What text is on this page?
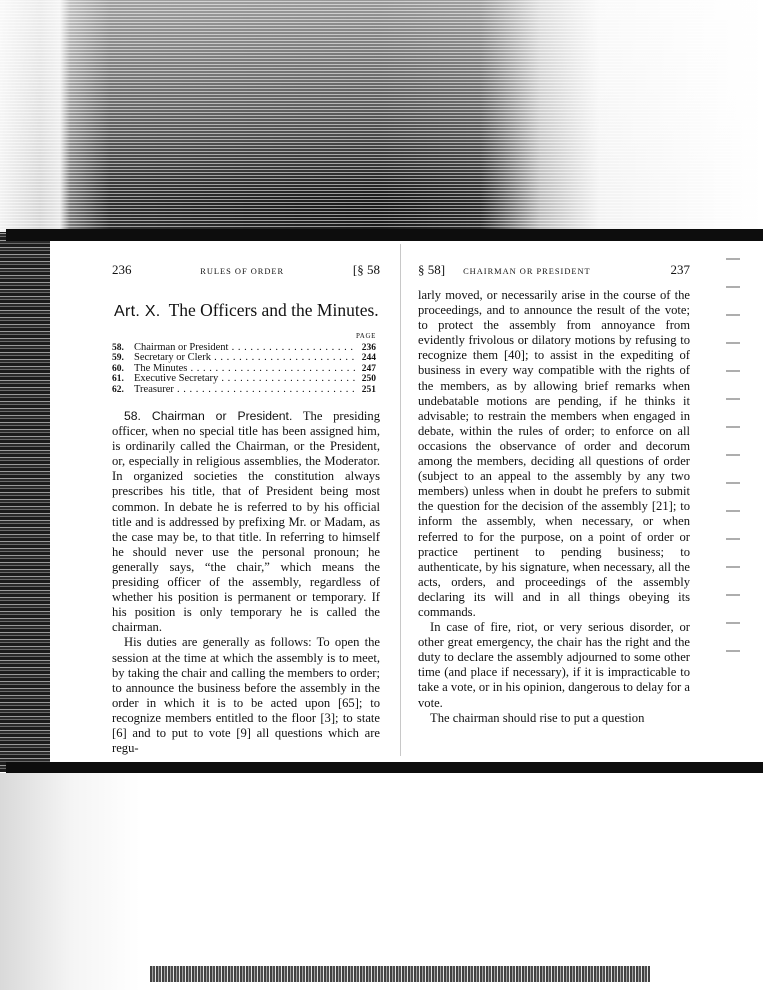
236	RULES OF ORDER	[§ 58
Art. X. The Officers and the Minutes.
PAGE
58. Chairman or President . . .	236
59. Secretary or Clerk . . .	244
60. The Minutes . . .	247
61. Executive Secretary . . .	250
62. Treasurer . . .	251

58. Chairman or President. The presiding officer, when no special title has been assigned him, is ordinarily called the Chairman, or the President, or, especially in religious assemblies, the Moderator. In organized societies the constitution always prescribes his title, that of President being most common. In debate he is referred to by his official title and is addressed by prefixing Mr. or Madam, as the case may be, to that title. In referring to himself he should never use the personal pronoun; he generally says, “the chair,” which means the presiding officer of the assembly, regardless of whether his position is permanent or temporary. If his position is only temporary he is called the chairman.

His duties are generally as follows: To open the session at the time at which the assembly is to meet, by taking the chair and calling the members to order; to announce the business before the assembly in the order in which it is to be acted upon [65]; to recognize members entitled to the floor [3]; to state [6] and to put to vote [9] all questions which are regu-

§ 58] CHAIRMAN OR PRESIDENT	237

larly moved, or necessarily arise in the course of the proceedings, and to announce the result of the vote; to protect the assembly from annoyance from evidently frivolous or dilatory motions by refusing to recognize them [40]; to assist in the expediting of business in every way compatible with the rights of the members, as by allowing brief remarks when undebatable motions are pending, if he thinks it advisable; to restrain the members when engaged in debate, within the rules of order; to enforce on all occasions the observance of order and decorum among the members, deciding all questions of order (subject to an appeal to the assembly by any two members) unless when in doubt he prefers to submit the question for the decision of the assembly [21]; to inform the assembly, when necessary, or when referred to for the purpose, on a point of order or practice pertinent to pending business; to authenticate, by his signature, when necessary, all the acts, orders, and proceedings of the assembly declaring its will and in all things obeying its commands.

In case of fire, riot, or very serious disorder, or other great emergency, the chair has the right and the duty to declare the assembly adjourned to some other time (and place if necessary), if it is impracticable to take a vote, or in his opinion, dangerous to delay for a vote.

The chairman should rise to put a question
